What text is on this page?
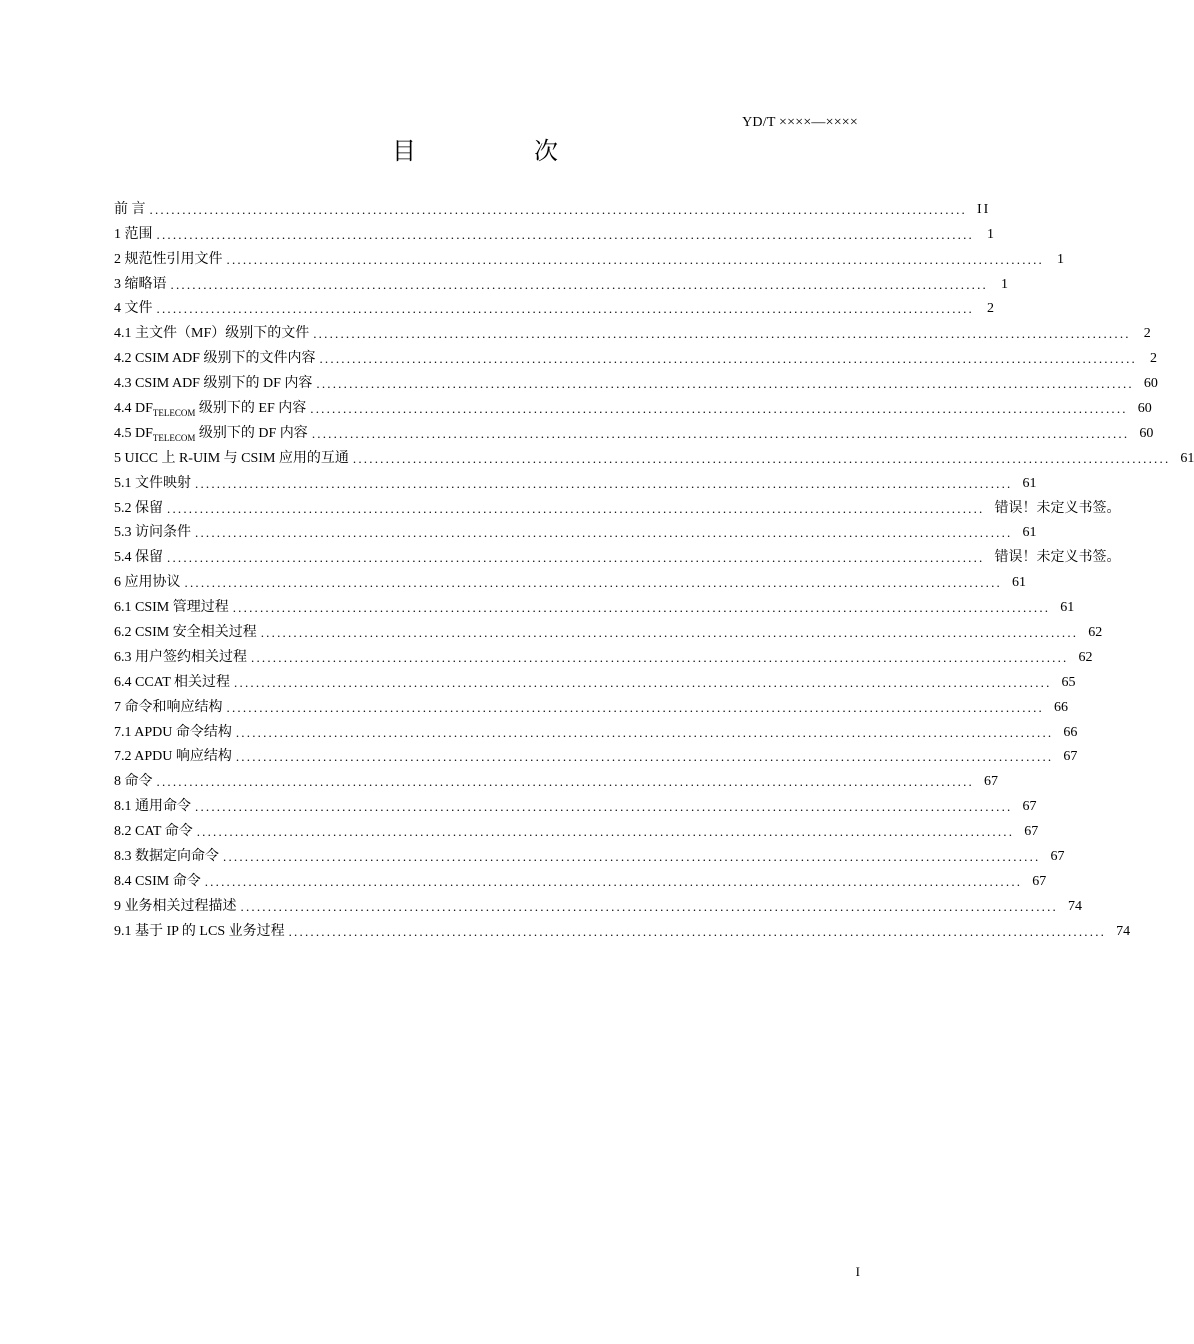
YD/T ××××—××××
目 次
前 言 ...................................................................................................................................................... II
1 范围 ...................................................................................................................................................... 1
2 规范性引用文件 ...................................................................................................................................................... 1
3 缩略语 ...................................................................................................................................................... 1
4 文件 ...................................................................................................................................................... 2
4.1 主文件（MF）级别下的文件 ...................................................................................................................................................... 2
4.2 CSIM ADF 级别下的文件内容 ...................................................................................................................................................... 2
4.3 CSIM ADF 级别下的 DF 内容 ...................................................................................................................................................... 60
4.4 $DF_{TELECOM}$ 级别下的 EF 内容 ...................................................................................................................................................... 60
4.5 $DF_{TELECOM}$ 级别下的 DF 内容 ...................................................................................................................................................... 60
5 UICC 上 R-UIM 与 CSIM 应用的互通 ...................................................................................................................................................... 61
5.1 文件映射 ...................................................................................................................................................... 61
5.2 保留 ...................................................................................................................................................... 错误！未定义书签。
5.3 访问条件 ...................................................................................................................................................... 61
5.4 保留 ...................................................................................................................................................... 错误！未定义书签。
6 应用协议 ...................................................................................................................................................... 61
6.1 CSIM 管理过程 ...................................................................................................................................................... 61
6.2 CSIM 安全相关过程 ...................................................................................................................................................... 62
6.3 用户签约相关过程 ...................................................................................................................................................... 62
6.4 CCAT 相关过程 ...................................................................................................................................................... 65
7 命令和响应结构 ...................................................................................................................................................... 66
7.1 APDU 命令结构 ...................................................................................................................................................... 66
7.2 APDU 响应结构 ...................................................................................................................................................... 67
8 命令 ...................................................................................................................................................... 67
8.1 通用命令 ...................................................................................................................................................... 67
8.2 CAT 命令 ...................................................................................................................................................... 67
8.3 数据定向命令 ...................................................................................................................................................... 67
8.4 CSIM 命令 ...................................................................................................................................................... 67
9 业务相关过程描述 ...................................................................................................................................................... 74
9.1 基于 IP 的 LCS 业务过程 ...................................................................................................................................................... 74
I
